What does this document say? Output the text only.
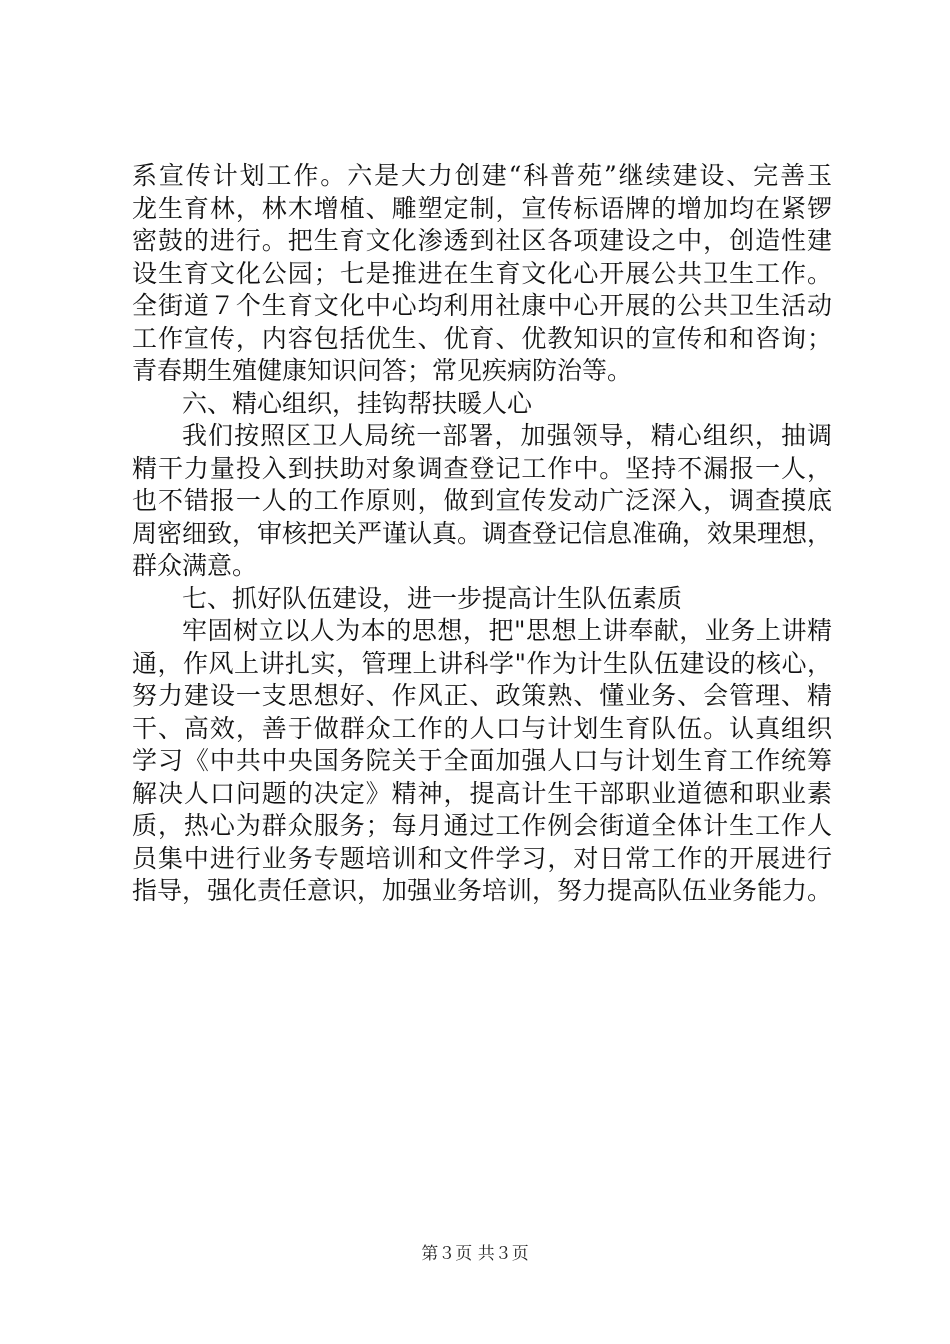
系宣传计划工作。六是大力创建“科普苑”继续建设、完善玉
龙生育林，林木增植、雕塑定制，宣传标语牌的增加均在紧锣
密鼓的进行。把生育文化渗透到社区各项建设之中，创造性建
设生育文化公园；七是推进在生育文化心开展公共卫生工作。
全街道７个生育文化中心均利用社康中心开展的公共卫生活动
工作宣传，内容包括优生、优育、优教知识的宣传和和咨询；
青春期生殖健康知识问答；常见疾病防治等。
六、精心组织，挂钩帮扶暖人心
我们按照区卫人局统一部署，加强领导，精心组织，抽调
精干力量投入到扶助对象调查登记工作中。坚持不漏报一人，
也不错报一人的工作原则，做到宣传发动广泛深入，调查摸底
周密细致，审核把关严谨认真。调查登记信息准确，效果理想，
群众满意。
七、抓好队伍建设，进一步提高计生队伍素质
牢固树立以人为本的思想，把"思想上讲奉献，业务上讲精
通，作风上讲扎实，管理上讲科学"作为计生队伍建设的核心，
努力建设一支思想好、作风正、政策熟、懂业务、会管理、精
干、高效，善于做群众工作的人口与计划生育队伍。认真组织
学习《中共中央国务院关于全面加强人口与计划生育工作统筹
解决人口问题的决定》精神，提高计生干部职业道德和职业素
质，热心为群众服务；每月通过工作例会街道全体计生工作人
员集中进行业务专题培训和文件学习，对日常工作的开展进行
指导，强化责任意识，加强业务培训，努力提高队伍业务能力。
第３页 共３页
